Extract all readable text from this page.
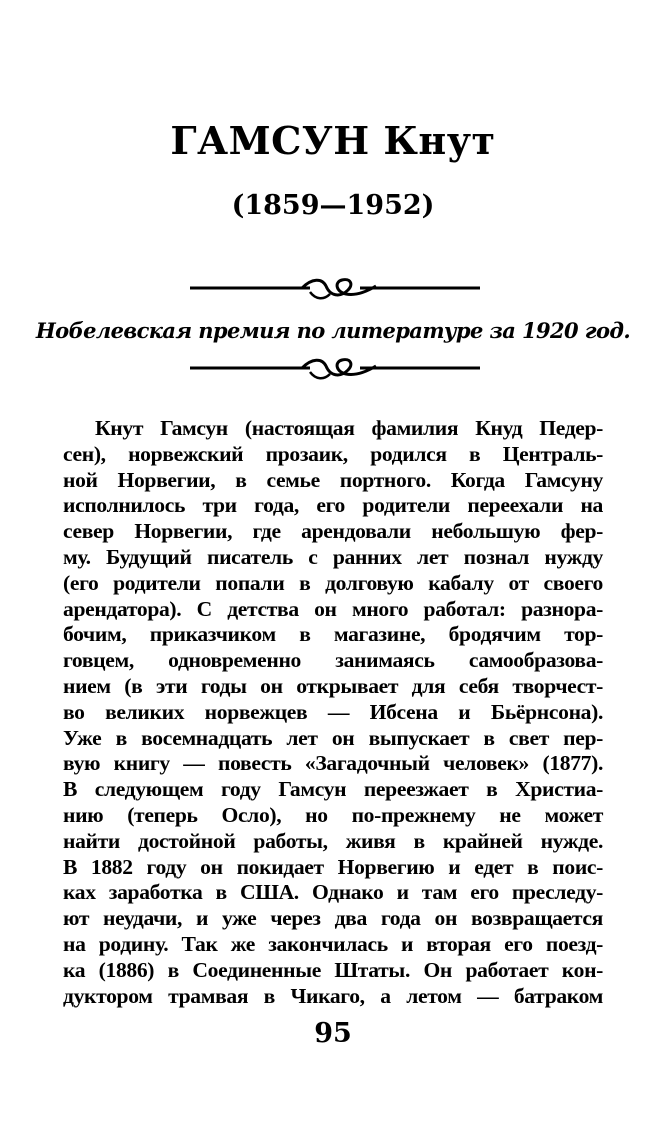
ГАМСУН Кнут
(1859—1952)
Нобелевская премия по литературе за 1920 год.
Кнут Гамсун (настоящая фамилия Кнуд Педер-
сен), норвежский прозаик, родился в Централь-
ной Норвегии, в семье портного. Когда Гамсуну
исполнилось три года, его родители переехали на
север Норвегии, где арендовали небольшую фер-
му. Будущий писатель с ранних лет познал нужду
(его родители попали в долговую кабалу от своего
арендатора). С детства он много работал: разнора-
бочим, приказчиком в магазине, бродячим тор-
говцем, одновременно занимаясь самообразова-
нием (в эти годы он открывает для себя творчест-
во великих норвежцев — Ибсена и Бьёрнсона).
Уже в восемнадцать лет он выпускает в свет пер-
вую книгу — повесть «Загадочный человек» (1877).
В следующем году Гамсун переезжает в Христиа-
нию (теперь Осло), но по-прежнему не может
найти достойной работы, живя в крайней нужде.
В 1882 году он покидает Норвегию и едет в поис-
ках заработка в США. Однако и там его преследу-
ют неудачи, и уже через два года он возвращается
на родину. Так же закончилась и вторая его поезд-
ка (1886) в Соединенные Штаты. Он работает кон-
дуктором трамвая в Чикаго, а летом — батраком
95
